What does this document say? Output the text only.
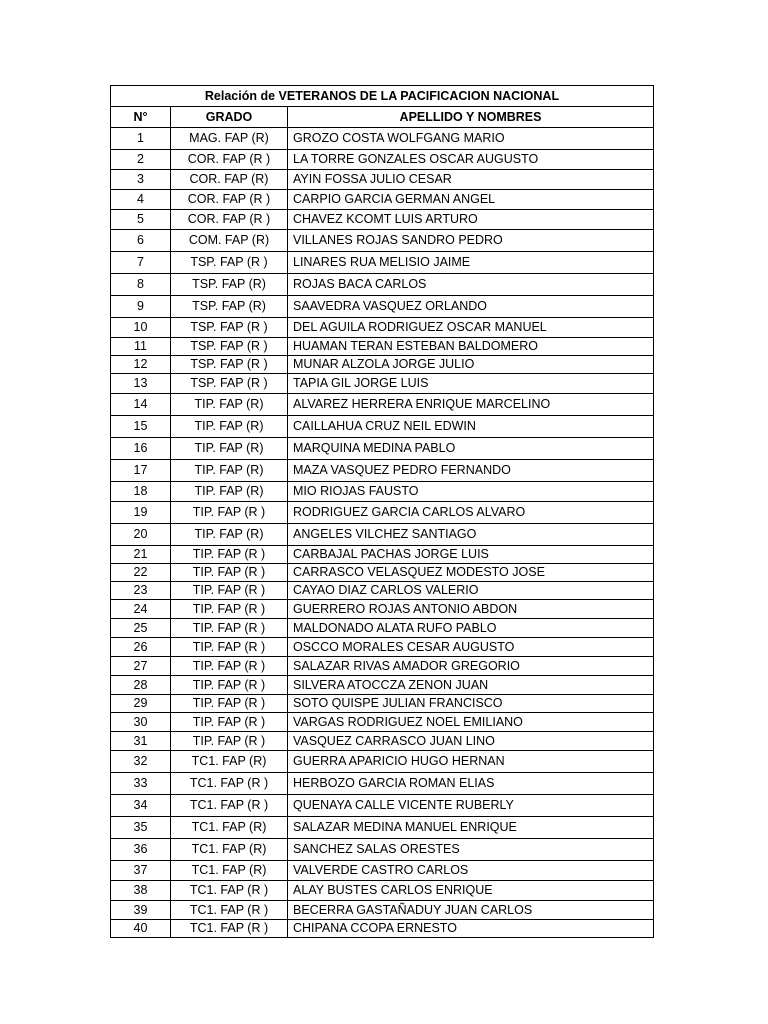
Relación de VETERANOS DE LA PACIFICACION NACIONAL		
N°	GRADO	APELLIDO Y NOMBRES
1	MAG. FAP (R)	GROZO COSTA WOLFGANG MARIO
2	COR. FAP (R )	LA TORRE GONZALES OSCAR AUGUSTO
3	COR. FAP (R)	AYIN FOSSA JULIO CESAR
4	COR. FAP (R )	CARPIO GARCIA GERMAN ANGEL
5	COR. FAP (R )	CHAVEZ KCOMT LUIS ARTURO
6	COM. FAP (R)	VILLANES ROJAS SANDRO PEDRO
7	TSP. FAP (R )	LINARES RUA MELISIO JAIME
8	TSP. FAP (R)	ROJAS BACA CARLOS
9	TSP. FAP (R)	SAAVEDRA VASQUEZ ORLANDO
10	TSP. FAP (R )	DEL AGUILA RODRIGUEZ OSCAR MANUEL
11	TSP. FAP (R )	HUAMAN TERAN ESTEBAN BALDOMERO
12	TSP. FAP (R )	MUNAR ALZOLA JORGE JULIO
13	TSP. FAP (R )	TAPIA GIL JORGE LUIS
14	TIP. FAP (R)	ALVAREZ HERRERA ENRIQUE MARCELINO
15	TIP. FAP (R)	CAILLAHUA CRUZ NEIL EDWIN
16	TIP. FAP (R)	MARQUINA MEDINA PABLO
17	TIP. FAP (R)	MAZA VASQUEZ PEDRO FERNANDO
18	TIP. FAP (R)	MIO RIOJAS FAUSTO
19	TIP. FAP (R )	RODRIGUEZ GARCIA CARLOS ALVARO
20	TIP. FAP (R)	ANGELES VILCHEZ SANTIAGO
21	TIP. FAP (R )	CARBAJAL PACHAS JORGE LUIS
22	TIP. FAP (R )	CARRASCO VELASQUEZ MODESTO JOSE
23	TIP. FAP (R )	CAYAO DIAZ CARLOS VALERIO
24	TIP. FAP (R )	GUERRERO ROJAS ANTONIO ABDON
25	TIP. FAP (R )	MALDONADO ALATA RUFO PABLO
26	TIP. FAP (R )	OSCCO MORALES CESAR AUGUSTO
27	TIP. FAP (R )	SALAZAR RIVAS AMADOR GREGORIO
28	TIP. FAP (R )	SILVERA ATOCCZA ZENON JUAN
29	TIP. FAP (R )	SOTO QUISPE JULIAN FRANCISCO
30	TIP. FAP (R )	VARGAS RODRIGUEZ NOEL EMILIANO
31	TIP. FAP (R )	VASQUEZ CARRASCO JUAN LINO
32	TC1. FAP (R)	GUERRA APARICIO HUGO HERNAN
33	TC1. FAP (R )	HERBOZO GARCIA ROMAN ELIAS
34	TC1. FAP (R )	QUENAYA CALLE VICENTE RUBERLY
35	TC1. FAP (R)	SALAZAR MEDINA MANUEL ENRIQUE
36	TC1. FAP (R)	SANCHEZ SALAS ORESTES
37	TC1. FAP (R)	VALVERDE CASTRO CARLOS
38	TC1. FAP (R )	ALAY BUSTES CARLOS ENRIQUE
39	TC1. FAP (R )	BECERRA GASTAÑADUY JUAN CARLOS
40	TC1. FAP (R )	CHIPANA CCOPA ERNESTO
